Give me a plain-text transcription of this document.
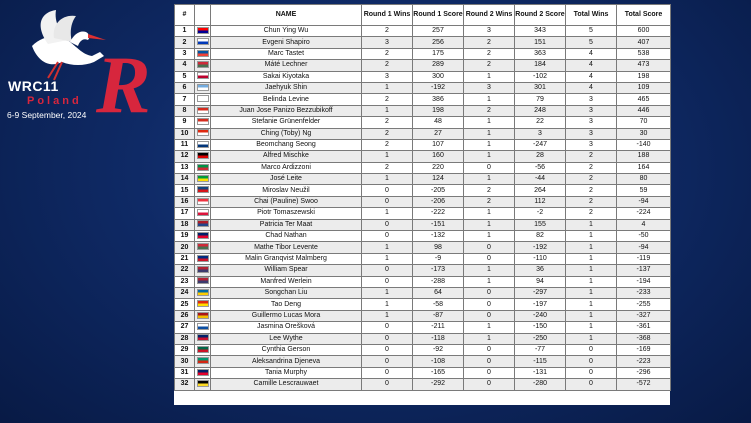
R
WRC11
Poland
6-9 September, 2024
#		NAME	Round 1 Wins	Round 1 Score	Round 2 Wins	Round 2 Score	Total Wins	Total Score
1		Chun Ying Wu	2	257	3	343	5	600
2		Evgeni Shapiro	3	256	2	151	5	407
3		Marc Tastet	2	175	2	363	4	538
4		Máté Lechner	2	289	2	184	4	473
5		Sakai Kiyotaka	3	300	1	-102	4	198
6		Jaehyuk Shin	1	-192	3	301	4	109
7		Belinda Levine	2	386	1	79	3	465
8		Juan Jose Panizo Bezzubikoff	1	198	2	248	3	446
9		Stefanie Grünenfelder	2	48	1	22	3	70
10		Ching (Toby) Ng	2	27	1	3	3	30
11		Beomchang Seong	2	107	1	-247	3	-140
12		Alfred Mischke	1	160	1	28	2	188
13		Marco Ardizzoni	2	220	0	-56	2	164
14		José Leite	1	124	1	-44	2	80
15		Miroslav Neužil	0	-205	2	264	2	59
16		Chai (Pauline) Swoo	0	-206	2	112	2	-94
17		Piotr Tomaszewski	1	-222	1	-2	2	-224
18		Patricia Ter Maat	0	-151	1	155	1	4
19		Chad Nathan	0	-132	1	82	1	-50
20		Mathe Tibor Levente	1	98	0	-192	1	-94
21		Malin Granqvist Malmberg	1	-9	0	-110	1	-119
22		William Spear	0	-173	1	36	1	-137
23		Manfred Werlein	0	-288	1	94	1	-194
24		Songchan Liu	1	64	0	-297	1	-233
25		Tao Deng	1	-58	0	-197	1	-255
26		Guillermo Lucas Mora	1	-87	0	-240	1	-327
27		Jasmina Orešková	0	-211	1	-150	1	-361
28		Lee Wythe	0	-118	1	-250	1	-368
29		Cynthia Gerson	0	-92	0	-77	0	-169
30		Aleksandrina Djeneva	0	-108	0	-115	0	-223
31		Tania Murphy	0	-165	0	-131	0	-296
32		Camille Lescrauwaet	0	-292	0	-280	0	-572
